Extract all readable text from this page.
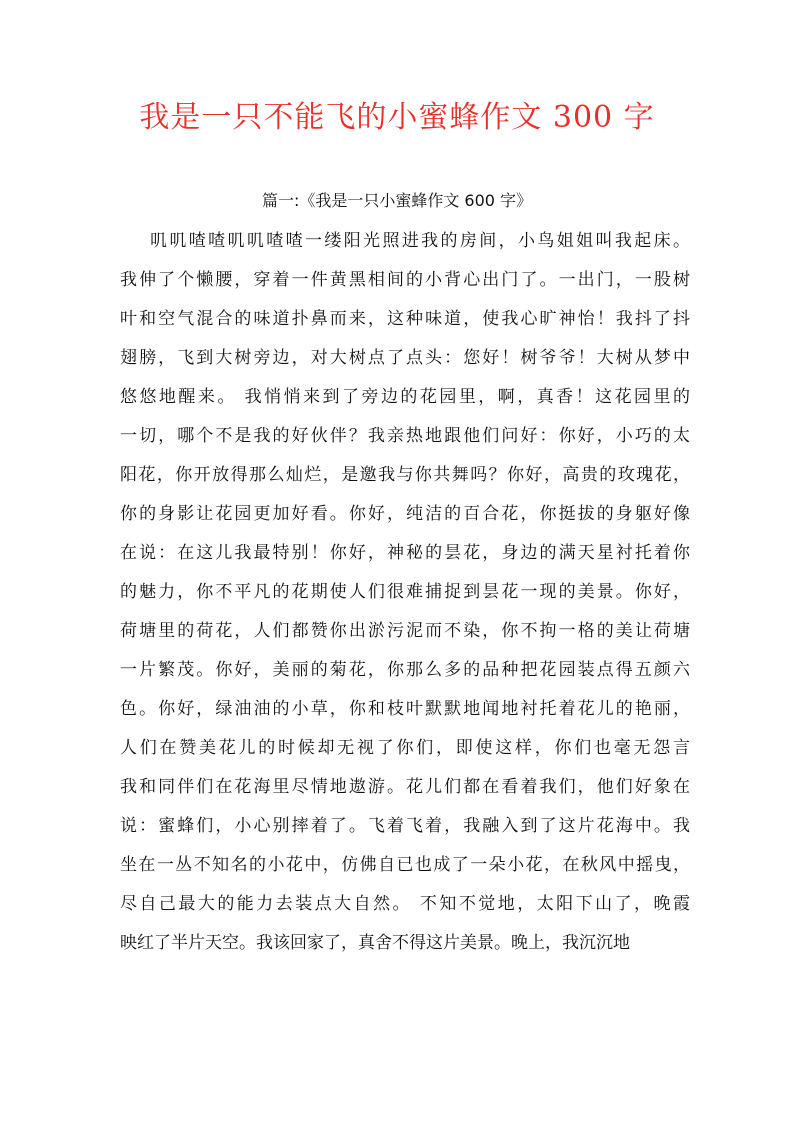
我是一只不能飞的小蜜蜂作文 300 字
篇一:《我是一只小蜜蜂作文 600 字》
叽叽喳喳叽叽喳喳一缕阳光照进我的房间，小鸟姐姐叫我起床。
我伸了个懒腰，穿着一件黄黑相间的小背心出门了。一出门，一股树
叶和空气混合的味道扑鼻而来，这种味道，使我心旷神怡！我抖了抖
翅膀，飞到大树旁边，对大树点了点头：您好！树爷爷！大树从梦中
悠悠地醒来。 我悄悄来到了旁边的花园里，啊，真香！这花园里的
一切，哪个不是我的好伙伴？我亲热地跟他们问好：你好，小巧的太
阳花，你开放得那么灿烂，是邀我与你共舞吗？你好，高贵的玫瑰花，
你的身影让花园更加好看。你好，纯洁的百合花，你挺拔的身躯好像
在说：在这儿我最特别！你好，神秘的昙花，身边的满天星衬托着你
的魅力，你不平凡的花期使人们很难捕捉到昙花一现的美景。你好，
荷塘里的荷花，人们都赞你出淤污泥而不染，你不拘一格的美让荷塘
一片繁茂。你好，美丽的菊花，你那么多的品种把花园装点得五颜六
色。你好，绿油油的小草，你和枝叶默默地闻地衬托着花儿的艳丽，
人们在赞美花儿的时候却无视了你们，即使这样，你们也毫无怨言
我和同伴们在花海里尽情地遨游。花儿们都在看着我们，他们好象在
说：蜜蜂们，小心别摔着了。飞着飞着，我融入到了这片花海中。我
坐在一丛不知名的小花中，仿佛自已也成了一朵小花，在秋风中摇曳，
尽自己最大的能力去装点大自然。 不知不觉地，太阳下山了，晚霞
映红了半片天空。我该回家了，真舍不得这片美景。晚上，我沉沉地
